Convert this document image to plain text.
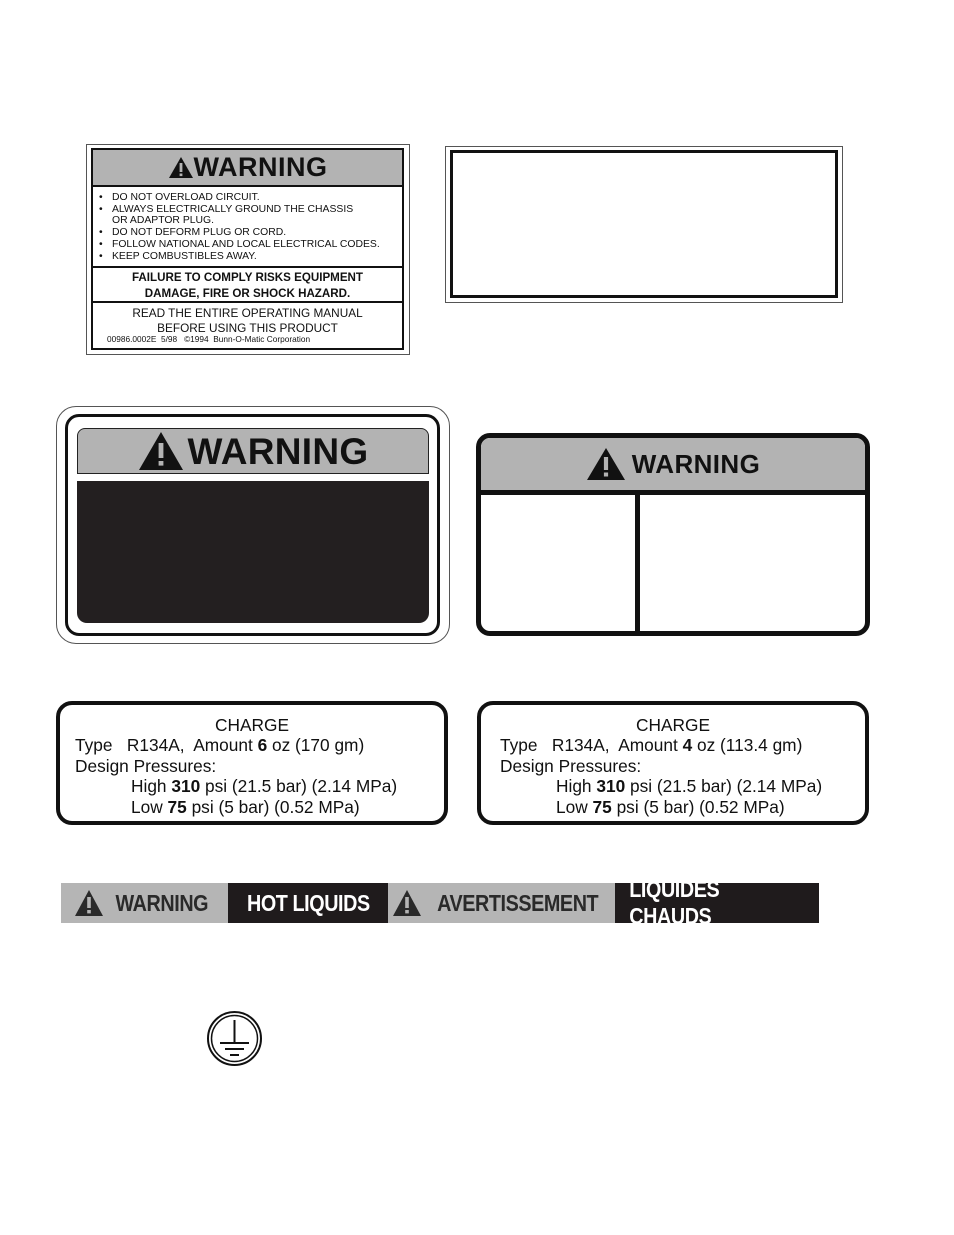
WARNING
• DO NOT OVERLOAD CIRCUIT.
• ALWAYS ELECTRICALLY GROUND THE CHASSIS
OR ADAPTOR PLUG.
• DO NOT DEFORM PLUG OR CORD.
• FOLLOW NATIONAL AND LOCAL ELECTRICAL CODES.
• KEEP COMBUSTIBLES AWAY.
FAILURE TO COMPLY RISKS EQUIPMENT
DAMAGE, FIRE OR SHOCK HAZARD.
READ THE ENTIRE OPERATING MANUAL
BEFORE USING THIS PRODUCT
00986.0002E  5/98 ©1994  Bunn-O-Matic Corporation
WARNING	WARNING
CHARGE
Type R134A, Amount 6 oz (170 gm)
Design Pressures:
High 310 psi (21.5 bar) (2.14 MPa)
Low 75 psi (5 bar) (0.52 MPa)
CHARGE
Type R134A, Amount 4 oz (113.4 gm)
Design Pressures:
High 310 psi (21.5 bar) (2.14 MPa)
Low 75 psi (5 bar) (0.52 MPa)
WARNING HOT LIQUIDS	AVERTISSEMENT
LIQUIDES CHAUDS
